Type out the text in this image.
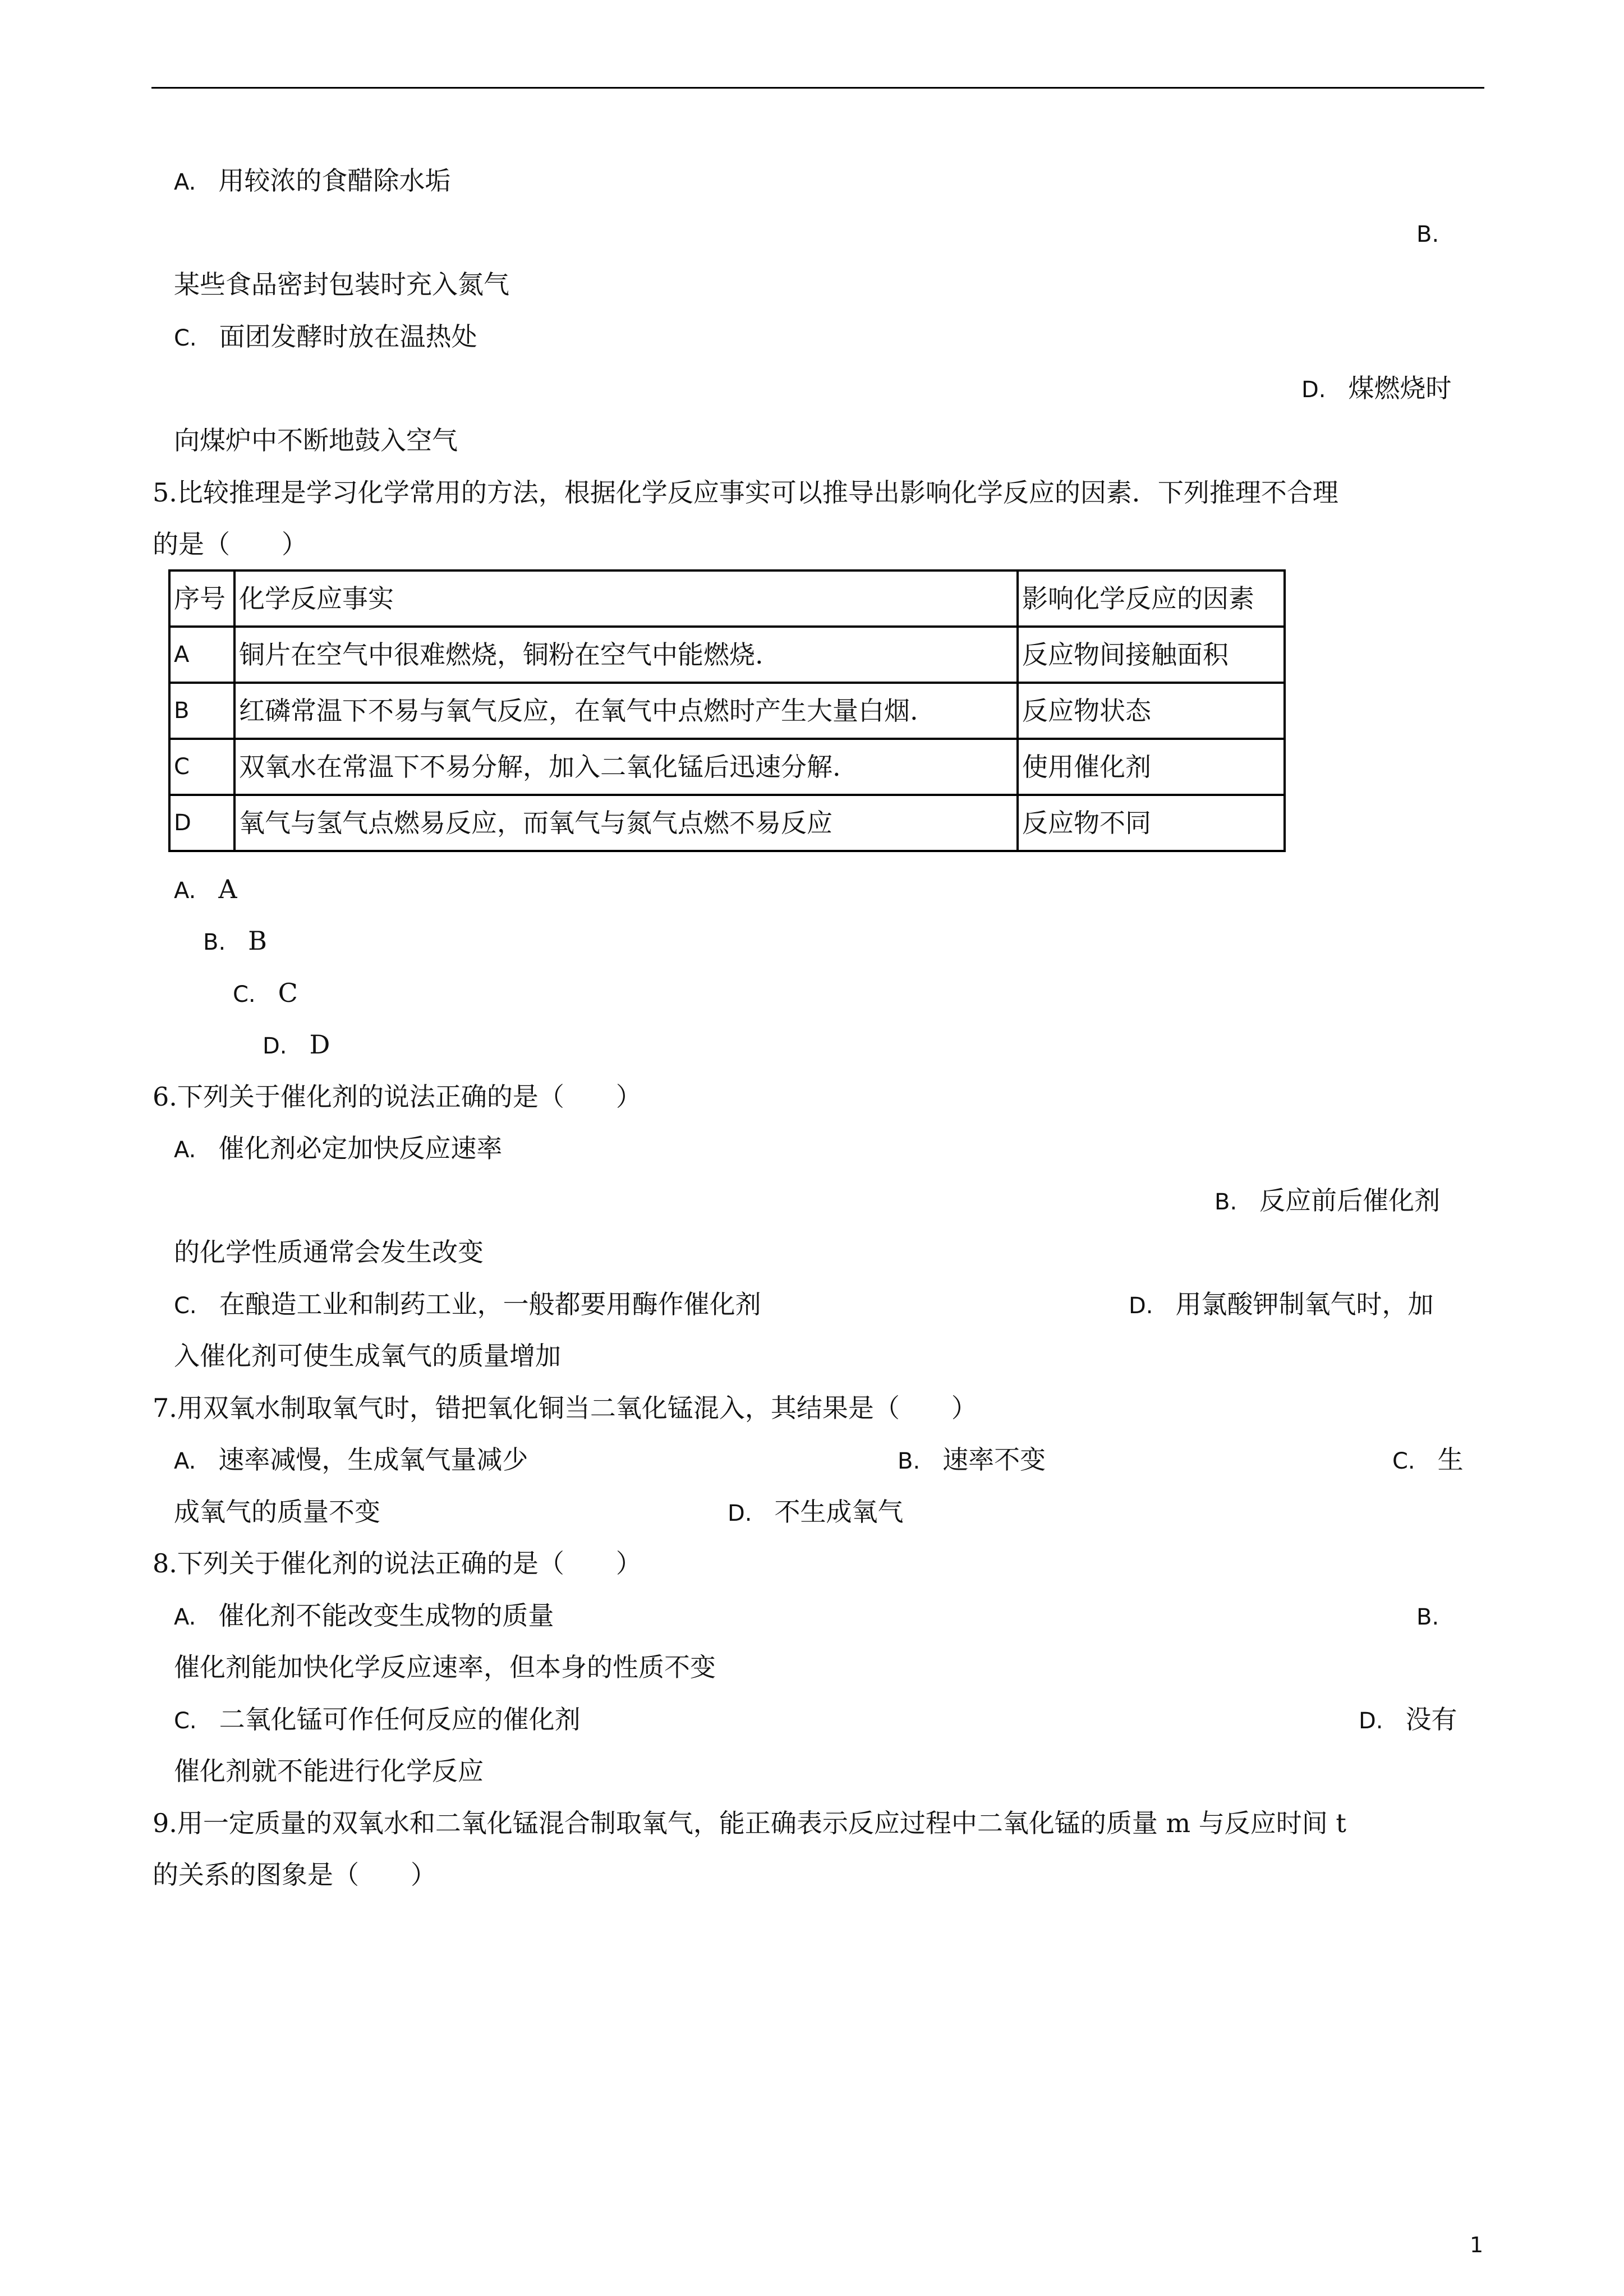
A. 用较浓的食醋除水垢
B.
某些食品密封包装时充入氮气
C. 面团发酵时放在温热处
D. 煤燃烧时
向煤炉中不断地鼓入空气
5.比较推理是学习化学常用的方法，根据化学反应事实可以推导出影响化学反应的因素．下列推理不合理
的是（　　）
序号	化学反应事实	影响化学反应的因素
A	铜片在空气中很难燃烧，铜粉在空气中能燃烧.	反应物间接触面积
B	红磷常温下不易与氧气反应，在氧气中点燃时产生大量白烟.	反应物状态
C	双氧水在常温下不易分解，加入二氧化锰后迅速分解.	使用催化剂
D	氧气与氢气点燃易反应，而氧气与氮气点燃不易反应	反应物不同
A. A
B. B
C. C
D. D
6.下列关于催化剂的说法正确的是（　　）
A. 催化剂必定加快反应速率
B. 反应前后催化剂
的化学性质通常会发生改变
C. 在酿造工业和制药工业，一般都要用酶作催化剂	D. 用氯酸钾制氧气时，加
入催化剂可使生成氧气的质量增加
7.用双氧水制取氧气时，错把氧化铜当二氧化锰混入，其结果是（　　）
A. 速率减慢，生成氧气量减少	B. 速率不变	C. 生
成氧气的质量不变	D. 不生成氧气
8.下列关于催化剂的说法正确的是（　　）
A. 催化剂不能改变生成物的质量	B.
催化剂能加快化学反应速率，但本身的性质不变
C. 二氧化锰可作任何反应的催化剂	D. 没有
催化剂就不能进行化学反应
9.用一定质量的双氧水和二氧化锰混合制取氧气，能正确表示反应过程中二氧化锰的质量 m 与反应时间 t
的关系的图象是（　　）
1
